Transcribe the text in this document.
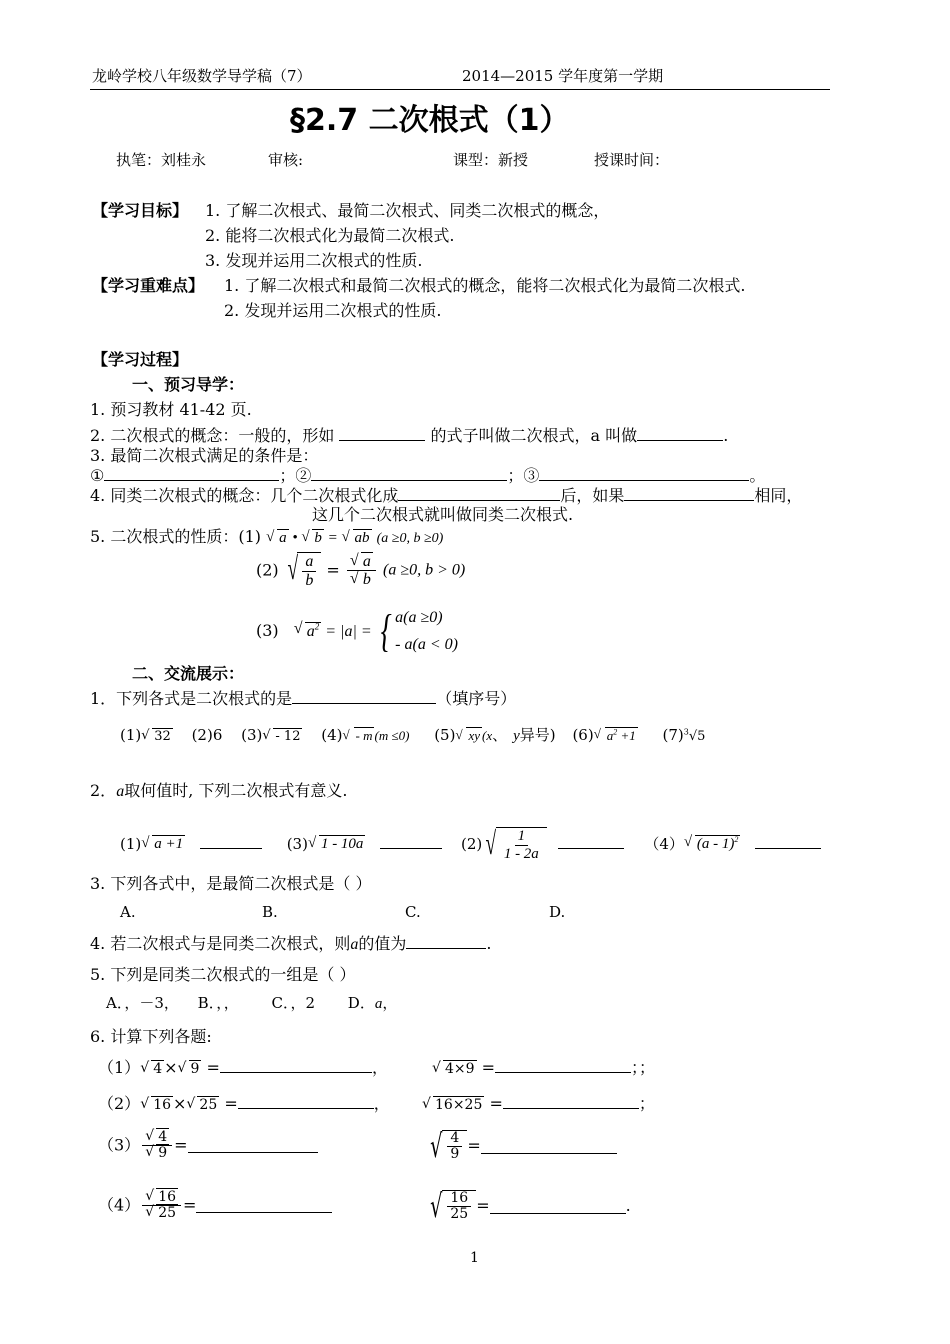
龙岭学校八年级数学导学稿（7）	2014—2015 学年度第一学期
§2.7 二次根式（1）
执笔：刘桂永	审核:	课型：新授	授课时间：
【学习目标】 1. 了解二次根式、最简二次根式、同类二次根式的概念，
2. 能将二次根式化为最简二次根式.
3. 发现并运用二次根式的性质.
【学习重难点】 1. 了解二次根式和最简二次根式的概念，能将二次根式化为最简二次根式.
2. 发现并运用二次根式的性质.
【学习过程】
一、预习导学：
1. 预习教材 41-42 页.
2. 二次根式的概念：一般的，形如	的式子叫做二次根式，a 叫做	.
3. 最简二次根式满足的条件是：
①	；②	；③	。
4. 同类二次根式的概念：几个二次根式化成	后，如果	相同，
这几个二次根式就叫做同类二次根式.
5. 二次根式的性质：(1) √ a • √ b = √ ab (a ≥0, b ≥0)
(2) √ $\frac{a}{b}$ = √ a
√ b (a ≥0, b > 0)
(3) √ $a^2 = |a|$ = { a(a ≥0)
- a(a < 0)
二、交流展示：
1．下列各式是二次根式的是	（填序号）
(1) √ 32 (2)6 (3) √ - 12 (4) √ - m (m ≤0) (5) √ xy (x、 y异号) (6) √ $a^2 +1$ $(7)^3√5$
2．a取何值时, 下列二次根式有意义.
(1) √ a +1	(3) √ 1 - 10a	(2) √ $\frac{1}{1 - 2a}$	（4） √ (a - 1)$^2$
3. 下列各式中，是最简二次根式是（ ）
A.	B.	C.	D.
4. 若二次根式与是同类二次根式，则a的值为	.
5. 下列是同类二次根式的一组是（ ）
A．，－3， B．，， C．，2 D．a，
6. 计算下列各题:
（1） √ 4 × √ 9 =	，	√ 4×9 =	；；
（2） √ 16 × √ 25 =	，	√ 16×25 =	；
（3） √ 4
√ 9 =	√ $\frac{4}{9}$ =
（4） √ 16
√ 25 =	√ $\frac{16}{25}$ =	.
1
